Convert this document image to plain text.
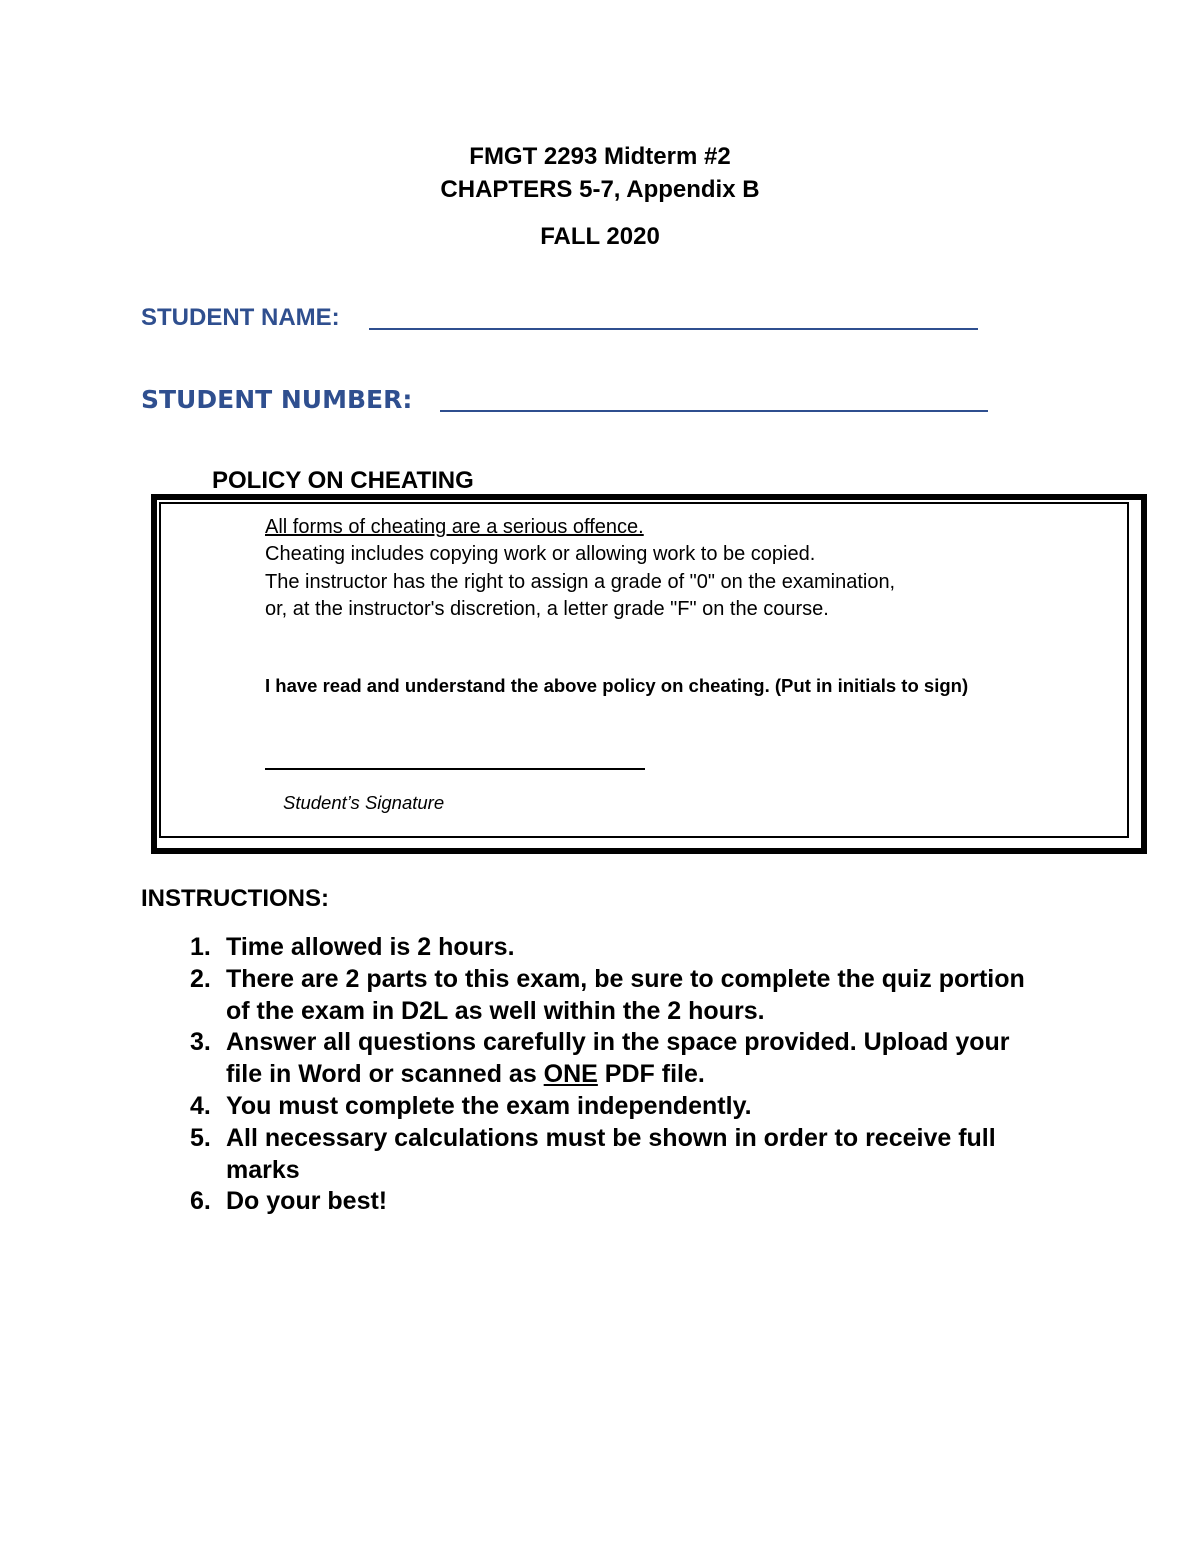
FMGT 2293 Midterm #2
CHAPTERS 5-7, Appendix B
FALL 2020
STUDENT NAME:
STUDENT NUMBER:
POLICY ON CHEATING
All forms of cheating are a serious offence.
Cheating includes copying work or allowing work to be copied.
The instructor has the right to assign a grade of "0" on the examination,
or, at the instructor's discretion, a letter grade "F" on the course.
I have read and understand the above policy on cheating. (Put in initials to sign)
Student’s Signature
INSTRUCTIONS:
1. Time allowed is 2 hours.
2. There are 2 parts to this exam, be sure to complete the quiz portion of the exam in D2L as well within the 2 hours.
3. Answer all questions carefully in the space provided. Upload your file in Word or scanned as ONE PDF file.
4. You must complete the exam independently.
5. All necessary calculations must be shown in order to receive full marks
6. Do your best!
